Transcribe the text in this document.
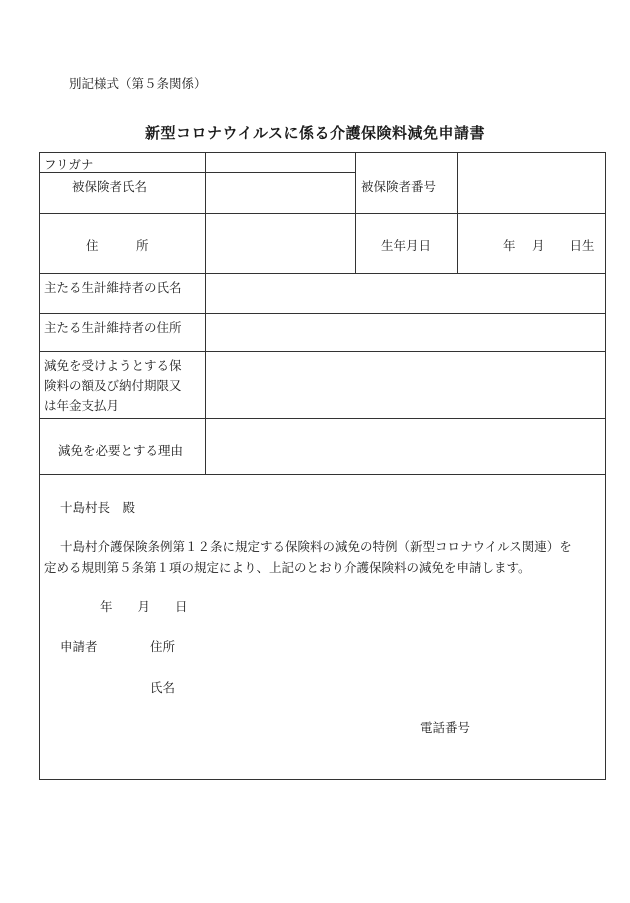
別記様式（第５条関係）
新型コロナウイルスに係る介護保険料減免申請書
フリガナ
被保険者氏名	被保険者番号
住　　　所	生年月日	年　 月　　日生
主たる生計維持者の氏名
主たる生計維持者の住所
減免を受けようとする保
険料の額及び納付期限又
は年金支払月
減免を必要とする理由
十島村長　殿
十島村介護保険条例第１２条に規定する保険料の減免の特例（新型コロナウイルス関連）を
定める規則第５条第１項の規定により、上記のとおり介護保険料の減免を申請します。
年　　月　　日
申請者	住所
氏名
電話番号
